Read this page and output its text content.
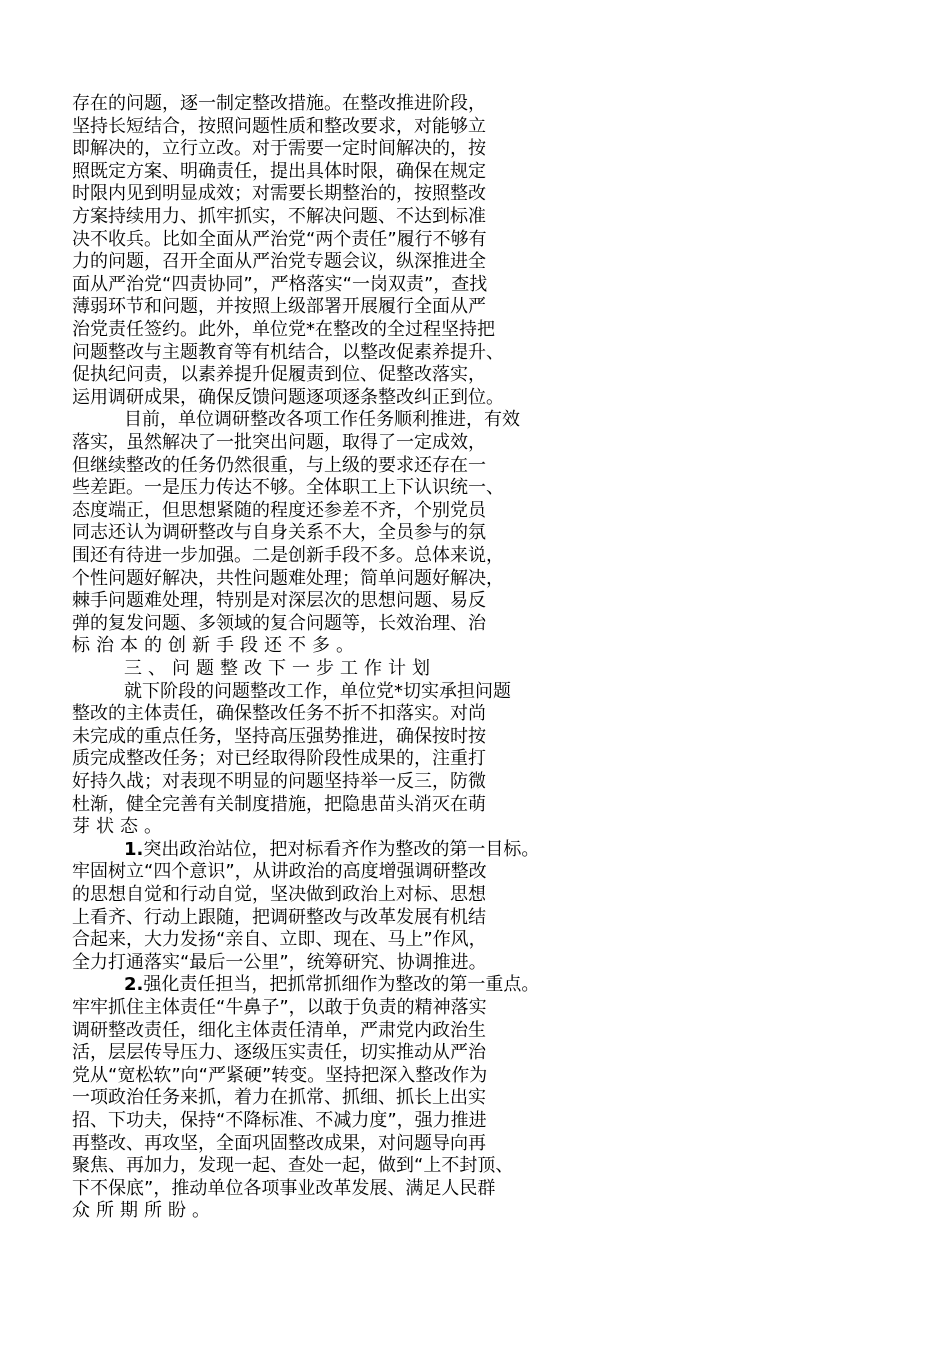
存在的问题，逐一制定整改措施。在整改推进阶段，
坚持长短结合，按照问题性质和整改要求，对能够立
即解决的，立行立改。对于需要一定时间解决的，按
照既定方案、明确责任，提出具体时限，确保在规定
时限内见到明显成效；对需要长期整治的，按照整改
方案持续用力、抓牢抓实，不解决问题、不达到标准
决不收兵。比如全面从严治党“两个责任”履行不够有
力的问题，召开全面从严治党专题会议，纵深推进全
面从严治党“四责协同”，严格落实“一岗双责”，查找
薄弱环节和问题，并按照上级部署开展履行全面从严
治党责任签约。此外，单位党*在整改的全过程坚持把
问题整改与主题教育等有机结合，以整改促素养提升、
促执纪问责，以素养提升促履责到位、促整改落实，
运用调研成果，确保反馈问题逐项逐条整改纠正到位。
目前，单位调研整改各项工作任务顺利推进，有效
落实，虽然解决了一批突出问题，取得了一定成效，
但继续整改的任务仍然很重，与上级的要求还存在一
些差距。一是压力传达不够。全体职工上下认识统一、
态度端正，但思想紧随的程度还参差不齐，个别党员
同志还认为调研整改与自身关系不大，全员参与的氛
围还有待进一步加强。二是创新手段不多。总体来说，
个性问题好解决，共性问题难处理；简单问题好解决，
棘手问题难处理，特别是对深层次的思想问题、易反
弹的复发问题、多领域的复合问题等，长效治理、治
标治本的创新手段还不多。
三、问题整改下一步工作计划
就下阶段的问题整改工作，单位党*切实承担问题
整改的主体责任，确保整改任务不折不扣落实。对尚
未完成的重点任务，坚持高压强势推进，确保按时按
质完成整改任务；对已经取得阶段性成果的，注重打
好持久战；对表现不明显的问题坚持举一反三，防微
杜渐，健全完善有关制度措施，把隐患苗头消灭在萌
芽状态。
1.突出政治站位，把对标看齐作为整改的第一目标。
牢固树立“四个意识”，从讲政治的高度增强调研整改
的思想自觉和行动自觉，坚决做到政治上对标、思想
上看齐、行动上跟随，把调研整改与改革发展有机结
合起来，大力发扬“亲自、立即、现在、马上”作风，
全力打通落实“最后一公里”，统筹研究、协调推进。
2.强化责任担当，把抓常抓细作为整改的第一重点。
牢牢抓住主体责任“牛鼻子”，以敢于负责的精神落实
调研整改责任，细化主体责任清单，严肃党内政治生
活，层层传导压力、逐级压实责任，切实推动从严治
党从“宽松软”向“严紧硬”转变。坚持把深入整改作为
一项政治任务来抓，着力在抓常、抓细、抓长上出实
招、下功夫，保持“不降标准、不减力度”，强力推进
再整改、再攻坚，全面巩固整改成果，对问题导向再
聚焦、再加力，发现一起、查处一起，做到“上不封顶、
下不保底”，推动单位各项事业改革发展、满足人民群
众所期所盼。
